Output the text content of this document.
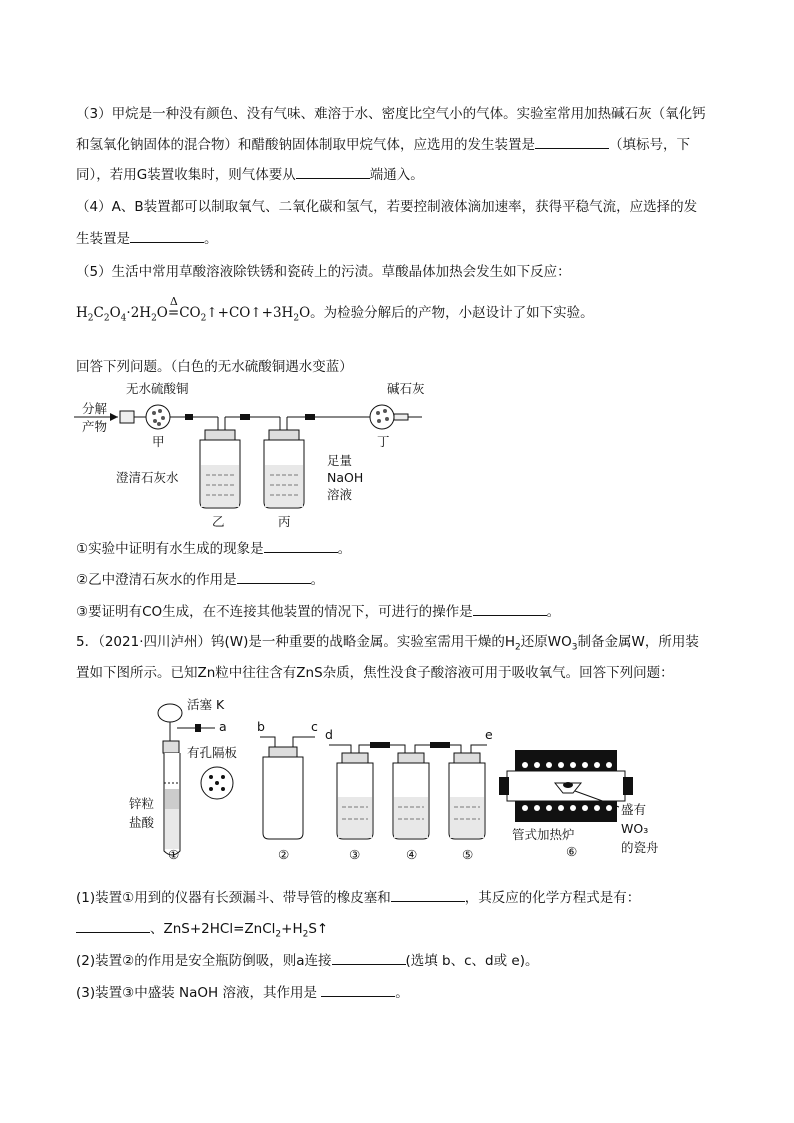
（3）甲烷是一种没有颜色、没有气味、难溶于水、密度比空气小的气体。实验室常用加热碱石灰（氧化钙
和氢氧化钠固体的混合物）和醋酸钠固体制取甲烷气体，应选用的发生装置是	（填标号，下
同），若用G装置收集时，则气体要从	端通入。
（4）A、B装置都可以制取氧气、二氧化碳和氢气，若要控制液体滴加速率，获得平稳气流，应选择的发
生装置是	。
（5）生活中常用草酸溶液除铁锈和瓷砖上的污渍。草酸晶体加热会发生如下反应：
$H_2C_2O_4\cdot 2H_2O$
Δ
$=CO_2↑+CO↑+3H_2O$。为检验分解后的产物，小赵设计了如下实验。
回答下列问题。（白色的无水硫酸铜遇水变蓝）
无水硫酸铜	碱石灰
分解
产物
甲
澄清石灰水
乙
足量
NaOH
溶液
丙
丁
①实验中证明有水生成的现象是	。
②乙中澄清石灰水的作用是	。
③要证明有CO生成，在不连接其他装置的情况下，可进行的操作是	。
5．（2021·四川泸州）钨(W)是一种重要的战略金属。实验室需用干燥的$H_2$还原$WO_3$制备金属W，所用装
置如下图所示。已知Zn粒中往往含有ZnS杂质，焦性没食子酸溶液可用于吸收氧气。回答下列问题：
活塞 K
a
有孔隔板
锌粒
盐酸
①
b	c
②
d
③	④
e
⑤
盛有
WO₃
的瓷舟
管式加热炉
⑥
(1)装置①用到的仪器有长颈漏斗、带导管的橡皮塞和	，其反应的化学方程式是有：
、$ZnS+2HCl=ZnCl_2+H_2S↑$
(2)装置②的作用是安全瓶防倒吸，则a连接	(选填 b、c、d或 e)。
(3)装置③中盛装 NaOH 溶液，其作用是	。
